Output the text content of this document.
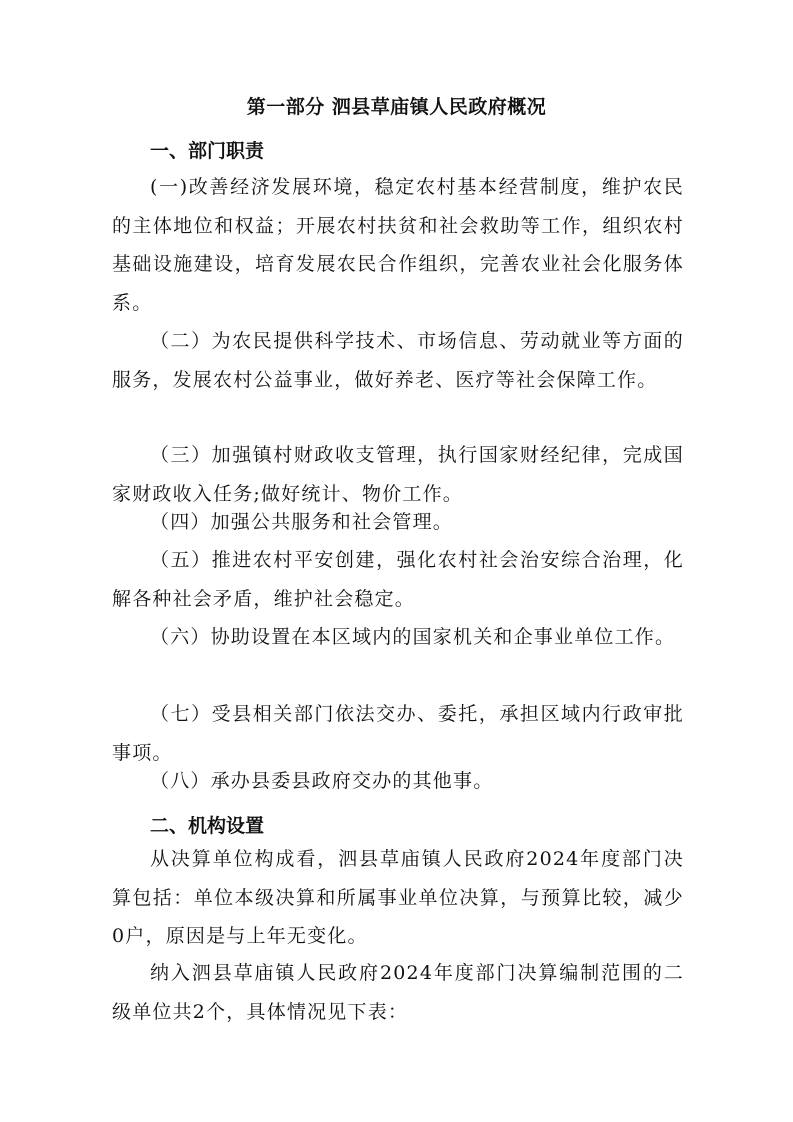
第一部分 泗县草庙镇人民政府概况
一、部门职责

(一)改善经济发展环境，稳定农村基本经营制度，维护农民的主体地位和权益；开展农村扶贫和社会救助等工作，组织农村基础设施建设，培育发展农民合作组织，完善农业社会化服务体系。

（二）为农民提供科学技术、市场信息、劳动就业等方面的服务，发展农村公益事业，做好养老、医疗等社会保障工作。

（三）加强镇村财政收支管理，执行国家财经纪律，完成国家财政收入任务;做好统计、物价工作。

（四）加强公共服务和社会管理。

（五）推进农村平安创建，强化农村社会治安综合治理，化解各种社会矛盾，维护社会稳定。

（六）协助设置在本区域内的国家机关和企事业单位工作。

（七）受县相关部门依法交办、委托，承担区域内行政审批事项。

（八）承办县委县政府交办的其他事。

二、机构设置

从决算单位构成看，泗县草庙镇人民政府2024年度部门决算包括：单位本级决算和所属事业单位决算，与预算比较，减少0户，原因是与上年无变化。

纳入泗县草庙镇人民政府2024年度部门决算编制范围的二级单位共2个，具体情况见下表：
